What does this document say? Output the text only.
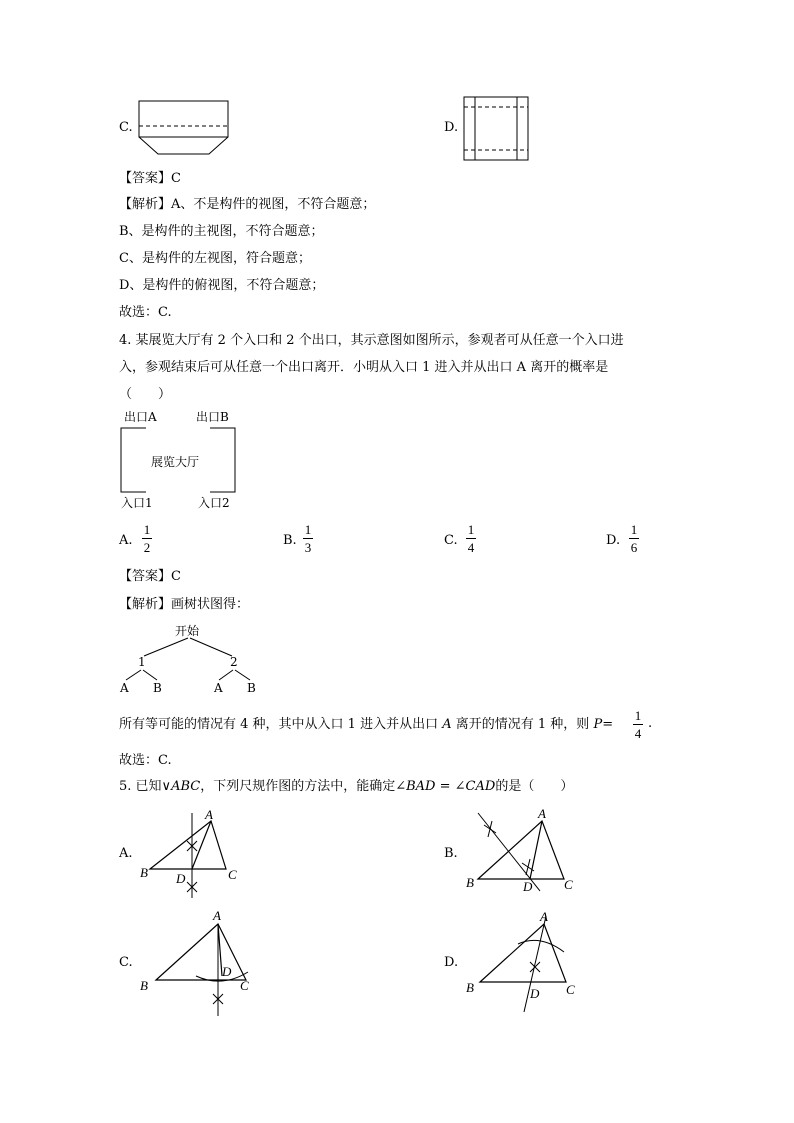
C.	D.
【答案】C
【解析】A、不是构件的视图，不符合题意；
B、是构件的主视图，不符合题意；
C、是构件的左视图，符合题意；
D、是构件的俯视图，不符合题意；
故选：C.
4. 某展览大厅有 2 个入口和 2 个出口，其示意图如图所示，参观者可从任意一个入口进
入，参观结束后可从任意一个出口离开．小明从入口 1 进入并从出口 A 离开的概率是
（　　）
出口A	出口B
展览大厅
入口1	入口2
A.
1
2	B.
1
3	C.
1
4	D.
1
6
【答案】C
【解析】画树状图得：
开始
1	2
A B	A B
所有等可能的情况有 4 种，其中从入口 1 进入并从出口 A 离开的情况有 1 种，则 P=
1
4
.
故选：C.
5. 已知∨ABC，下列尺规作图的方法中，能确定∠BAD = ∠CAD的是（　　）
A.
A
B D	C
B.
A
B	D C
C.
A
B
D
C
D.
A
B	D C
